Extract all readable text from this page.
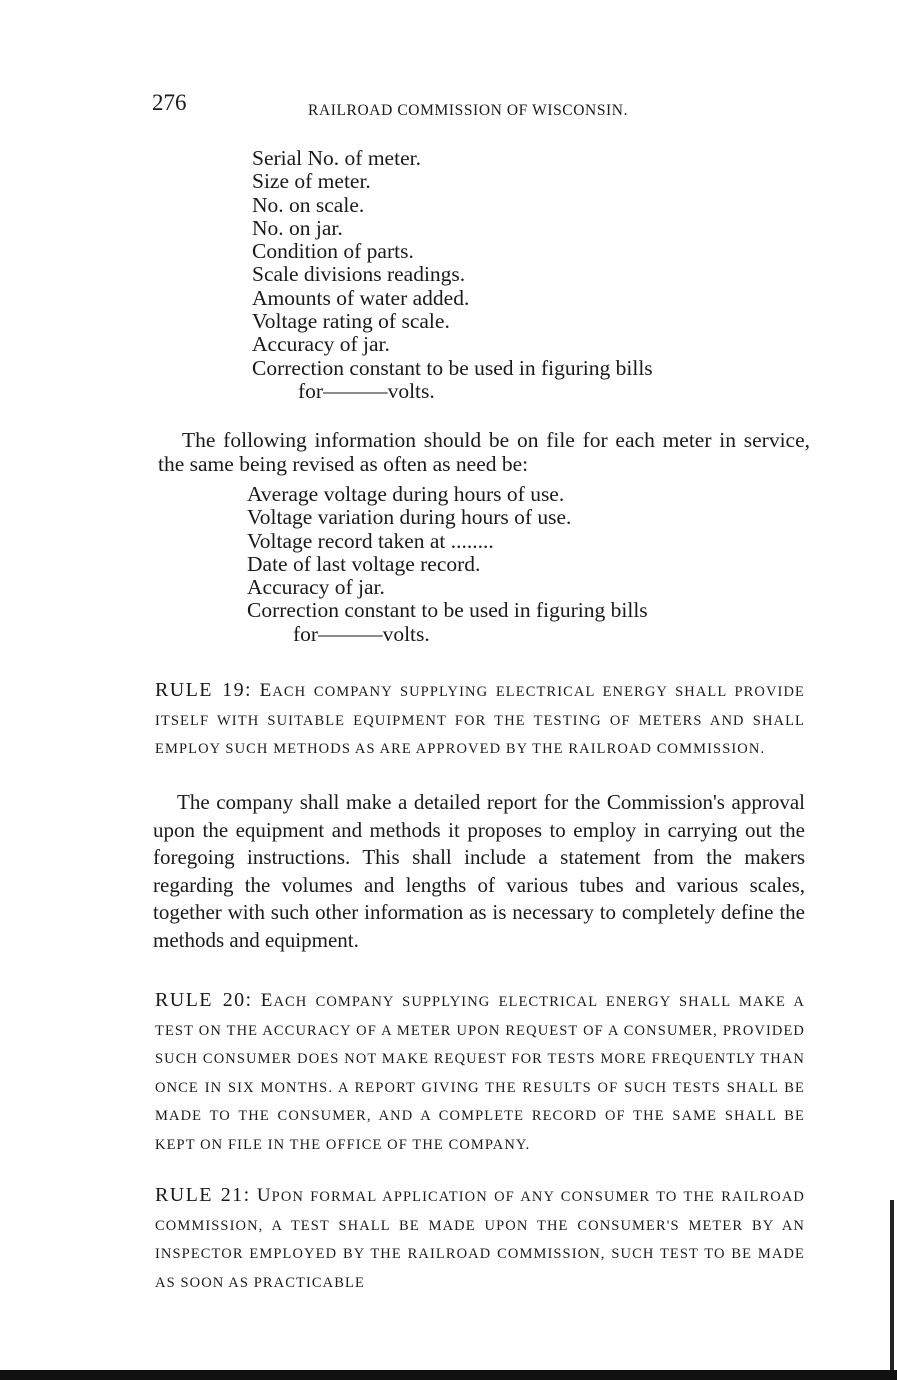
276	RAILROAD COMMISSION OF WISCONSIN.
Serial No. of meter.
Size of meter.
No. on scale.
No. on jar.
Condition of parts.
Scale divisions readings.
Amounts of water added.
Voltage rating of scale.
Accuracy of jar.
Correction constant to be used in figuring bills
for———volts.
The following information should be on file for each meter in service, the same being revised as often as need be:
Average voltage during hours of use.
Voltage variation during hours of use.
Voltage record taken at ........
Date of last voltage record.
Accuracy of jar.
Correction constant to be used in figuring bills
for———volts.
RULE 19: EACH COMPANY SUPPLYING ELECTRICAL ENERGY SHALL PROVIDE ITSELF WITH SUITABLE EQUIPMENT FOR THE TESTING OF METERS AND SHALL EMPLOY SUCH METHODS AS ARE APPROVED BY THE RAILROAD COMMISSION.
The company shall make a detailed report for the Commission's approval upon the equipment and methods it proposes to employ in carrying out the foregoing instructions. This shall include a statement from the makers regarding the volumes and lengths of various tubes and various scales, together with such other information as is necessary to completely define the methods and equipment.
RULE 20: EACH COMPANY SUPPLYING ELECTRICAL ENERGY SHALL MAKE A TEST ON THE ACCURACY OF A METER UPON REQUEST OF A CONSUMER, PROVIDED SUCH CONSUMER DOES NOT MAKE REQUEST FOR TESTS MORE FREQUENTLY THAN ONCE IN SIX MONTHS. A REPORT GIVING THE RESULTS OF SUCH TESTS SHALL BE MADE TO THE CONSUMER, AND A COMPLETE RECORD OF THE SAME SHALL BE KEPT ON FILE IN THE OFFICE OF THE COMPANY.
RULE 21: UPON FORMAL APPLICATION OF ANY CONSUMER TO THE RAILROAD COMMISSION, A TEST SHALL BE MADE UPON THE CONSUMER'S METER BY AN INSPECTOR EMPLOYED BY THE RAILROAD COMMISSION, SUCH TEST TO BE MADE AS SOON AS PRACTICABLE
